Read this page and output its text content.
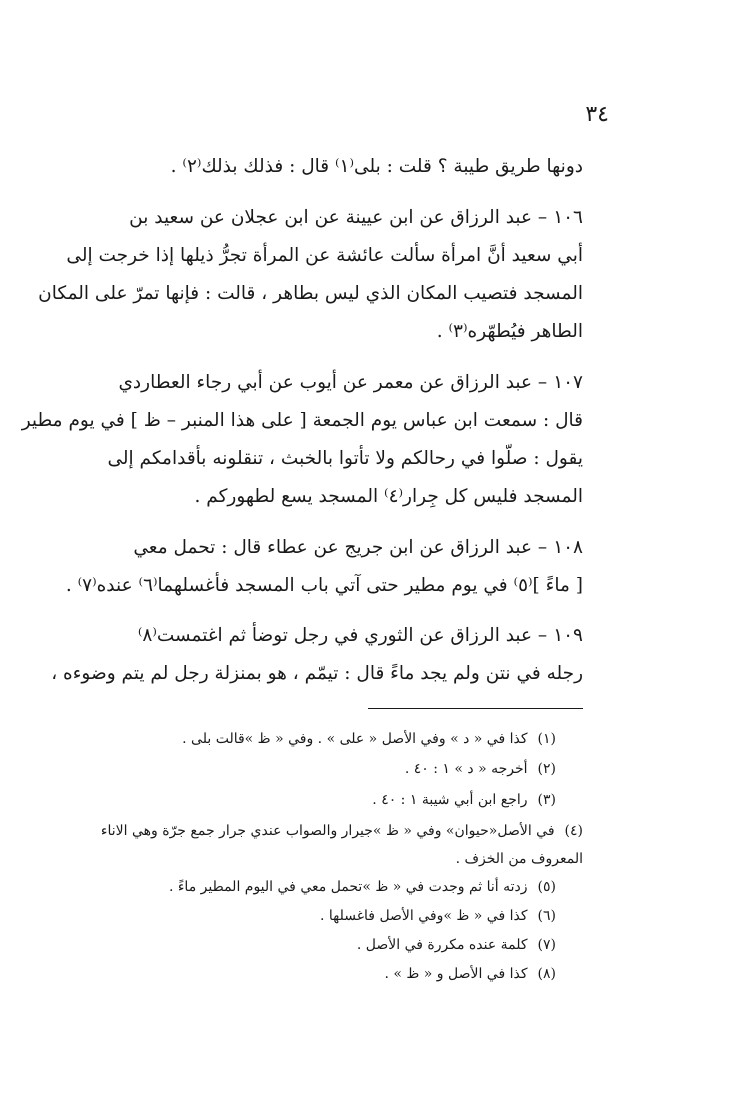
٣٤
دونها طريق طيبة ؟ قلت : بلى⁽١⁾ قال : فذلك بذلك⁽٢⁾ .
١٠٦– عبد الرزاق عن ابن عيينة عن ابن عجلان عن سعيد بن
أبي سعيد أنَّ امرأة سألت عائشة عن المرأة تجرُّ ذيلها إذا خرجت إلى
المسجد فتصيب المكان الذي ليس بطاهر ، قالت : فإنها تمرّ على المكان
الطاهر فيُطهّره⁽٣⁾ .
١٠٧– عبد الرزاق عن معمر عن أيوب عن أبي رجاء العطاردي
قال : سمعت ابن عباس يوم الجمعة [ على هذا المنبر – ظ ] في يوم مطير
يقول : صلّوا في رحالكم ولا تأتوا بالخبث ، تنقلونه بأقدامكم إلى
المسجد فليس كل جِرار⁽٤⁾ المسجد يسع لطهوركم .
١٠٨– عبد الرزاق عن ابن جريج عن عطاء قال : تحمل معي
[ ماءً ]⁽٥⁾ في يوم مطير حتى آتي باب المسجد فأغسلهما⁽٦⁾ عنده⁽٧⁾ .
١٠٩– عبد الرزاق عن الثوري في رجل توضأ ثم اغتمست⁽٨⁾
رجله في نتن ولم يجد ماءً قال : تيمّم ، هو بمنزلة رجل لم يتم وضوءه ،
(١)كذا في « د » وفي الأصل « على » . وفي « ظ »قالت بلى .
(٢)أخرجه « د » ١ : ٤٠ .
(٣)راجع ابن أبي شيبة ١ : ٤٠ .
(٤)في الأصل«حيوان» وفي « ظ »جيرار والصواب عندي جرار جمع جرّة وهي الاناء
المعروف من الخزف .
(٥)زدته أنا ثم وجدت في « ظ »تحمل معي في اليوم المطير ماءً .
(٦)كذا في « ظ »وفي الأصل فاغسلها .
(٧)كلمة عنده مكررة في الأصل .
(٨)كذا في الأصل و « ظ » .
